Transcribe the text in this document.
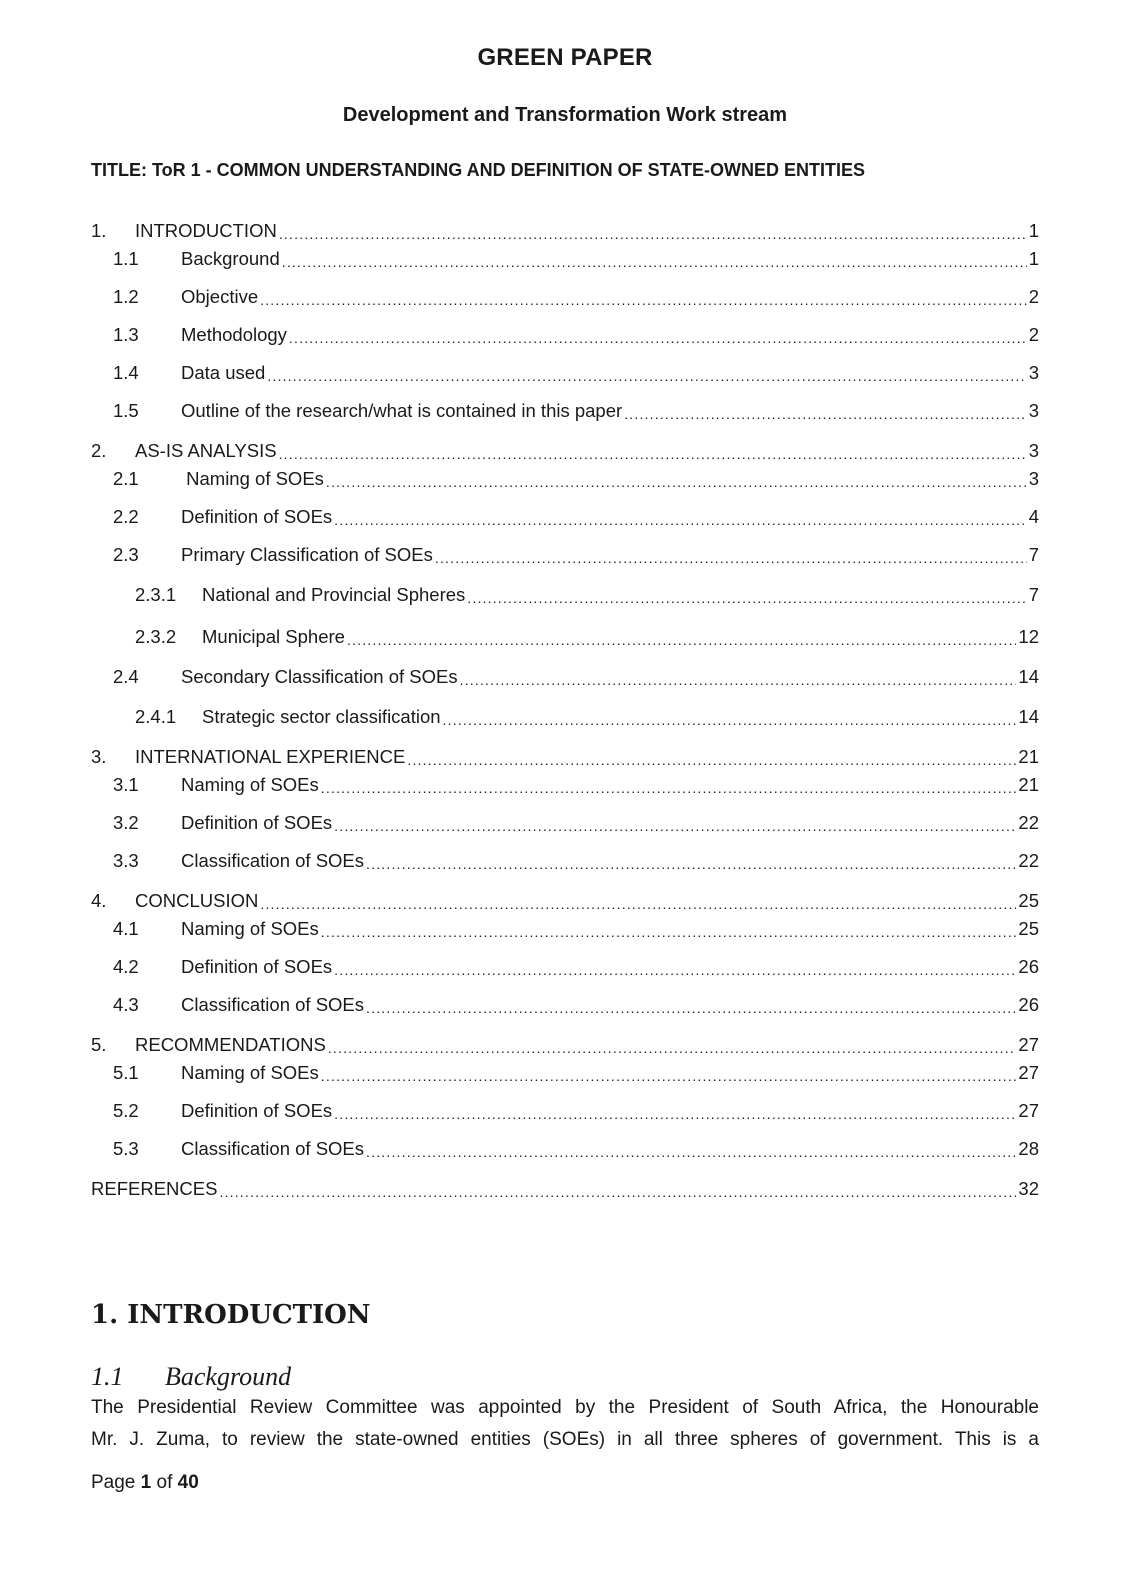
GREEN PAPER
Development and Transformation Work stream
TITLE: ToR 1 - COMMON UNDERSTANDING AND DEFINITION OF STATE-OWNED ENTITIES
1.	INTRODUCTION .....	1
1.1	Background .....	1
1.2	Objective .....	2
1.3	Methodology .....	2
1.4	Data used .....	3
1.5	Outline of the research/what is contained in this paper .....	3
2.	AS-IS ANALYSIS .....	3
2.1	Naming of SOEs .....	3
2.2	Definition of SOEs .....	4
2.3	Primary Classification of SOEs .....	7
2.3.1	National and Provincial Spheres .....	7
2.3.2	Municipal Sphere .....	12
2.4	Secondary Classification of SOEs .....	14
2.4.1	Strategic sector classification .....	14
3.	INTERNATIONAL EXPERIENCE .....	21
3.1	Naming of SOEs .....	21
3.2	Definition of SOEs .....	22
3.3	Classification of SOEs .....	22
4.	CONCLUSION .....	25
4.1	Naming of SOEs .....	25
4.2	Definition of SOEs .....	26
4.3	Classification of SOEs .....	26
5.	RECOMMENDATIONS .....	27
5.1	Naming of SOEs .....	27
5.2	Definition of SOEs .....	27
5.3	Classification of SOEs .....	28
REFERENCES .....	32
1. INTRODUCTION
1.1 Background
The Presidential Review Committee was appointed by the President of South Africa, the Honourable
Mr. J. Zuma, to review the state-owned entities (SOEs) in all three spheres of government. This is a
Page 1 of 40
